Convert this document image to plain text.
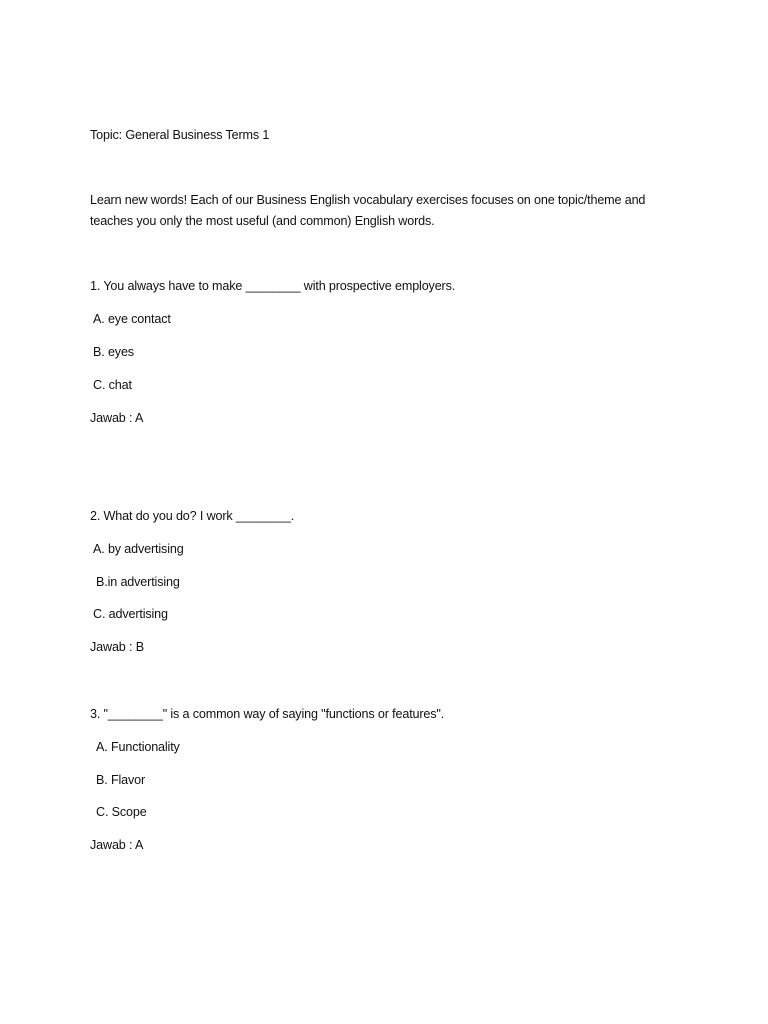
Topic: General Business Terms 1
Learn new words! Each of our Business English vocabulary exercises focuses on one topic/theme and
teaches you only the most useful (and common) English words.
1. You always have to make ________ with prospective employers.
A. eye contact
B. eyes
C. chat
Jawab : A
2. What do you do? I work ________.
A. by advertising
B.in advertising
C. advertising
Jawab : B
3. "________" is a common way of saying "functions or features".
A. Functionality
B. Flavor
C. Scope
Jawab : A
